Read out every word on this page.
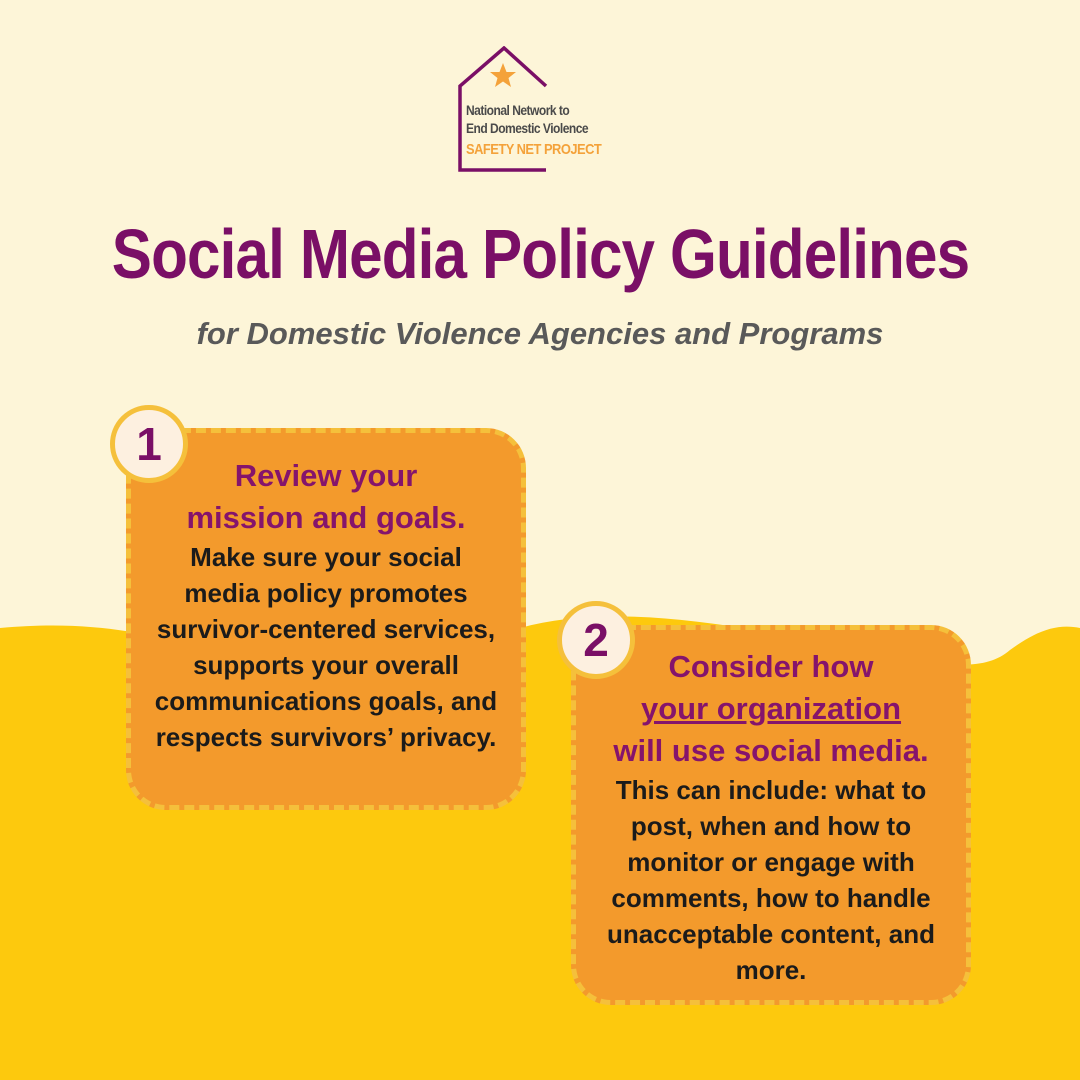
National Network to
End Domestic Violence
SAFETY NET PROJECT
Social Media Policy Guidelines
for Domestic Violence Agencies and Programs
Review your
mission and goals.
Make sure your social media policy promotes survivor-centered services, supports your overall communications goals, and respects survivors’ privacy.
1
Consider how
your organization
will use social media.
This can include: what to post, when and how to monitor or engage with comments, how to handle unacceptable content, and more.
2
